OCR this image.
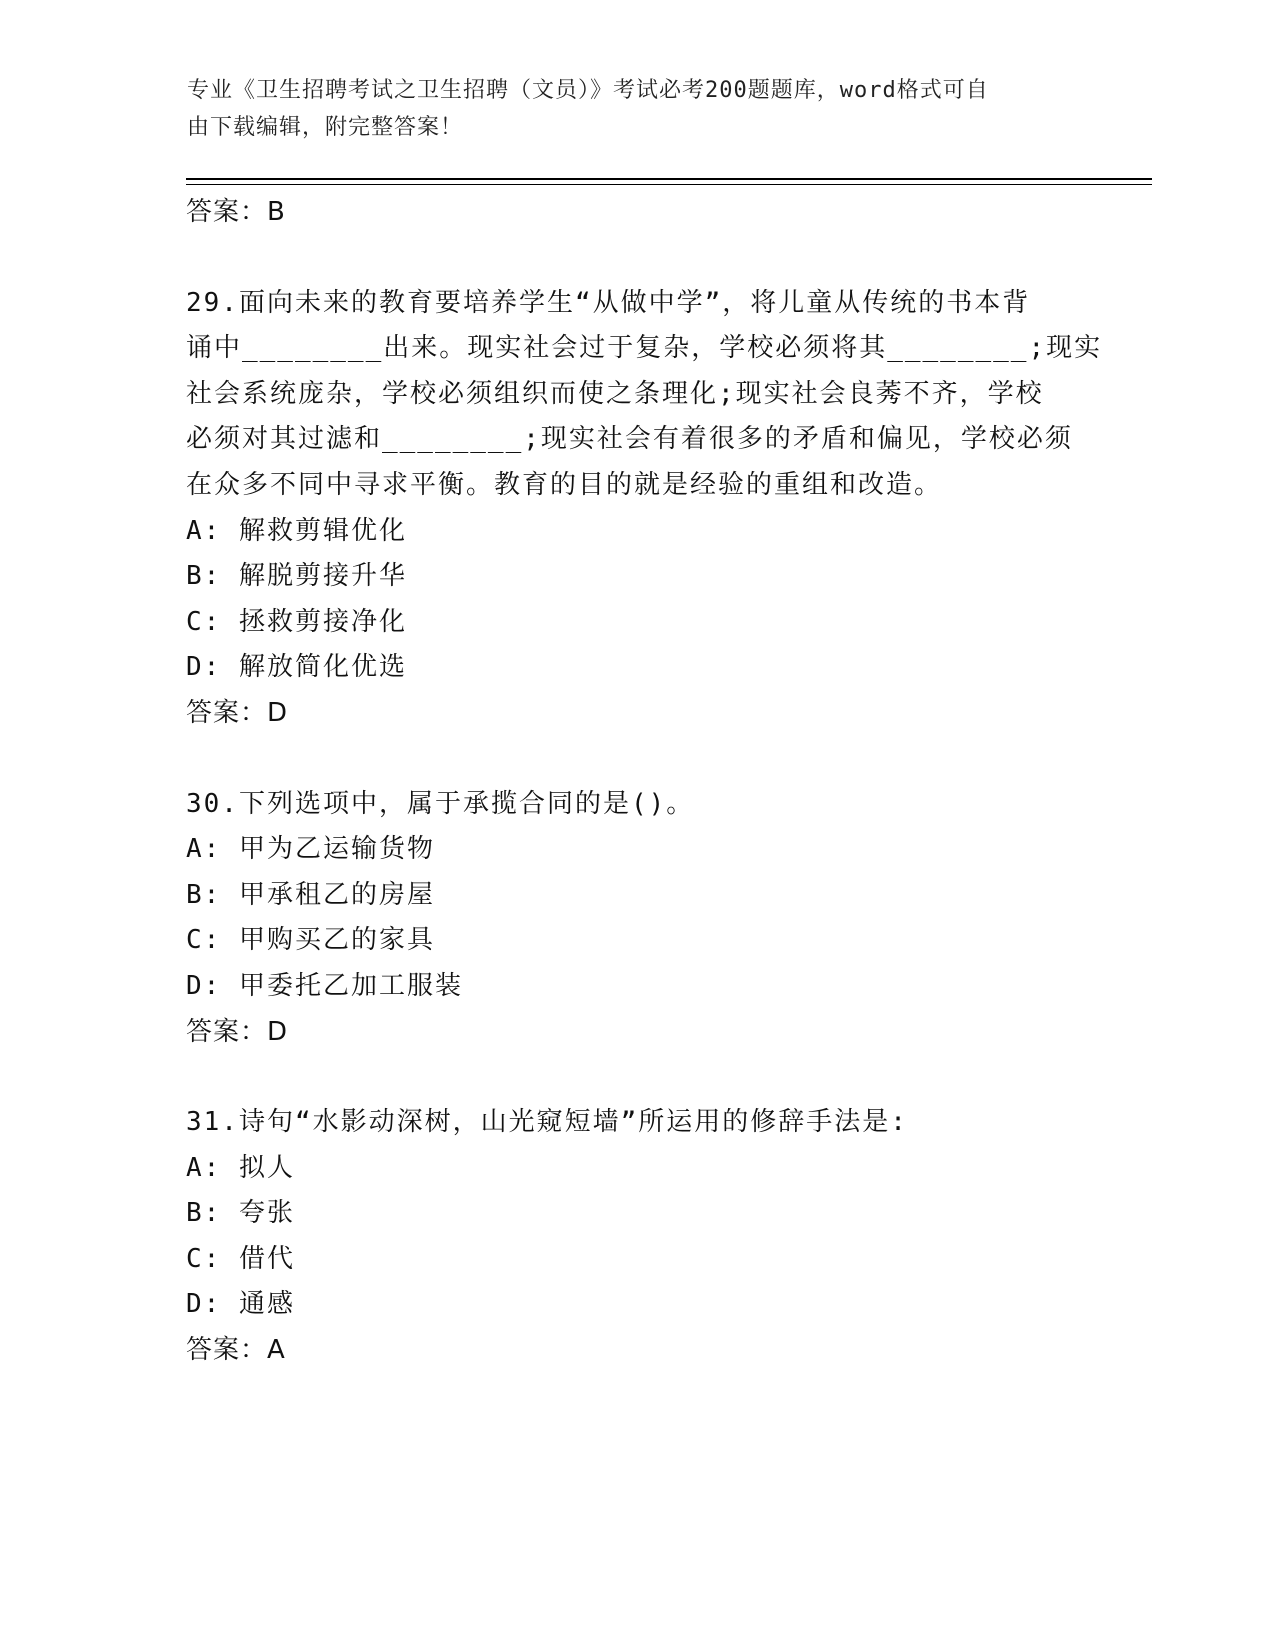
专业《卫生招聘考试之卫生招聘（文员）》考试必考200题题库，word格式可自
由下载编辑，附完整答案！
答案：B
29.面向未来的教育要培养学生“从做中学”，将儿童从传统的书本背
诵中________出来。现实社会过于复杂，学校必须将其________;现实
社会系统庞杂，学校必须组织而使之条理化;现实社会良莠不齐，学校
必须对其过滤和________;现实社会有着很多的矛盾和偏见，学校必须
在众多不同中寻求平衡。教育的目的就是经验的重组和改造。
A: 解救剪辑优化
B: 解脱剪接升华
C: 拯救剪接净化
D: 解放简化优选
答案：D
30.下列选项中，属于承揽合同的是()。
A: 甲为乙运输货物
B: 甲承租乙的房屋
C: 甲购买乙的家具
D: 甲委托乙加工服装
答案：D
31.诗句“水影动深树，山光窥短墙”所运用的修辞手法是:
A: 拟人
B: 夸张
C: 借代
D: 通感
答案：A
